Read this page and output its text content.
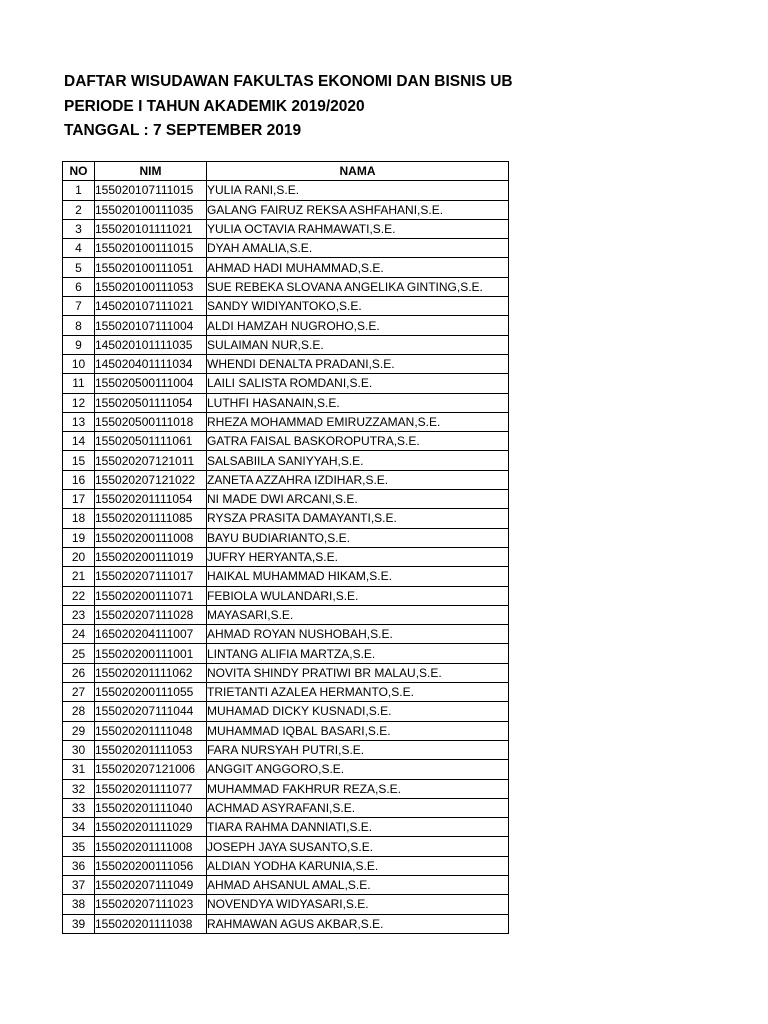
DAFTAR WISUDAWAN FAKULTAS EKONOMI DAN BISNIS UB
PERIODE I TAHUN AKADEMIK 2019/2020
TANGGAL : 7 SEPTEMBER 2019
NO	NIM	NAMA
1	155020107111015	YULIA RANI,S.E.
2	155020100111035	GALANG FAIRUZ REKSA ASHFAHANI,S.E.
3	155020101111021	YULIA OCTAVIA RAHMAWATI,S.E.
4	155020100111015	DYAH AMALIA,S.E.
5	155020100111051	AHMAD HADI MUHAMMAD,S.E.
6	155020100111053	SUE REBEKA SLOVANA ANGELIKA GINTING,S.E.
7	145020107111021	SANDY WIDIYANTOKO,S.E.
8	155020107111004	ALDI HAMZAH NUGROHO,S.E.
9	145020101111035	SULAIMAN NUR,S.E.
10	145020401111034	WHENDI DENALTA PRADANI,S.E.
11	155020500111004	LAILI SALISTA ROMDANI,S.E.
12	155020501111054	LUTHFI HASANAIN,S.E.
13	155020500111018	RHEZA MOHAMMAD EMIRUZZAMAN,S.E.
14	155020501111061	GATRA FAISAL BASKOROPUTRA,S.E.
15	155020207121011	SALSABIILA SANIYYAH,S.E.
16	155020207121022	ZANETA AZZAHRA IZDIHAR,S.E.
17	155020201111054	NI MADE DWI ARCANI,S.E.
18	155020201111085	RYSZA PRASITA DAMAYANTI,S.E.
19	155020200111008	BAYU BUDIARIANTO,S.E.
20	155020200111019	JUFRY HERYANTA,S.E.
21	155020207111017	HAIKAL MUHAMMAD HIKAM,S.E.
22	155020200111071	FEBIOLA WULANDARI,S.E.
23	155020207111028	MAYASARI,S.E.
24	165020204111007	AHMAD ROYAN NUSHOBAH,S.E.
25	155020200111001	LINTANG ALIFIA MARTZA,S.E.
26	155020201111062	NOVITA SHINDY PRATIWI BR MALAU,S.E.
27	155020200111055	TRIETANTI AZALEA HERMANTO,S.E.
28	155020207111044	MUHAMAD DICKY KUSNADI,S.E.
29	155020201111048	MUHAMMAD IQBAL BASARI,S.E.
30	155020201111053	FARA NURSYAH PUTRI,S.E.
31	155020207121006	ANGGIT ANGGORO,S.E.
32	155020201111077	MUHAMMAD FAKHRUR REZA,S.E.
33	155020201111040	ACHMAD ASYRAFANI,S.E.
34	155020201111029	TIARA RAHMA DANNIATI,S.E.
35	155020201111008	JOSEPH JAYA SUSANTO,S.E.
36	155020200111056	ALDIAN YODHA KARUNIA,S.E.
37	155020207111049	AHMAD AHSANUL AMAL,S.E.
38	155020207111023	NOVENDYA WIDYASARI,S.E.
39	155020201111038	RAHMAWAN AGUS AKBAR,S.E.
